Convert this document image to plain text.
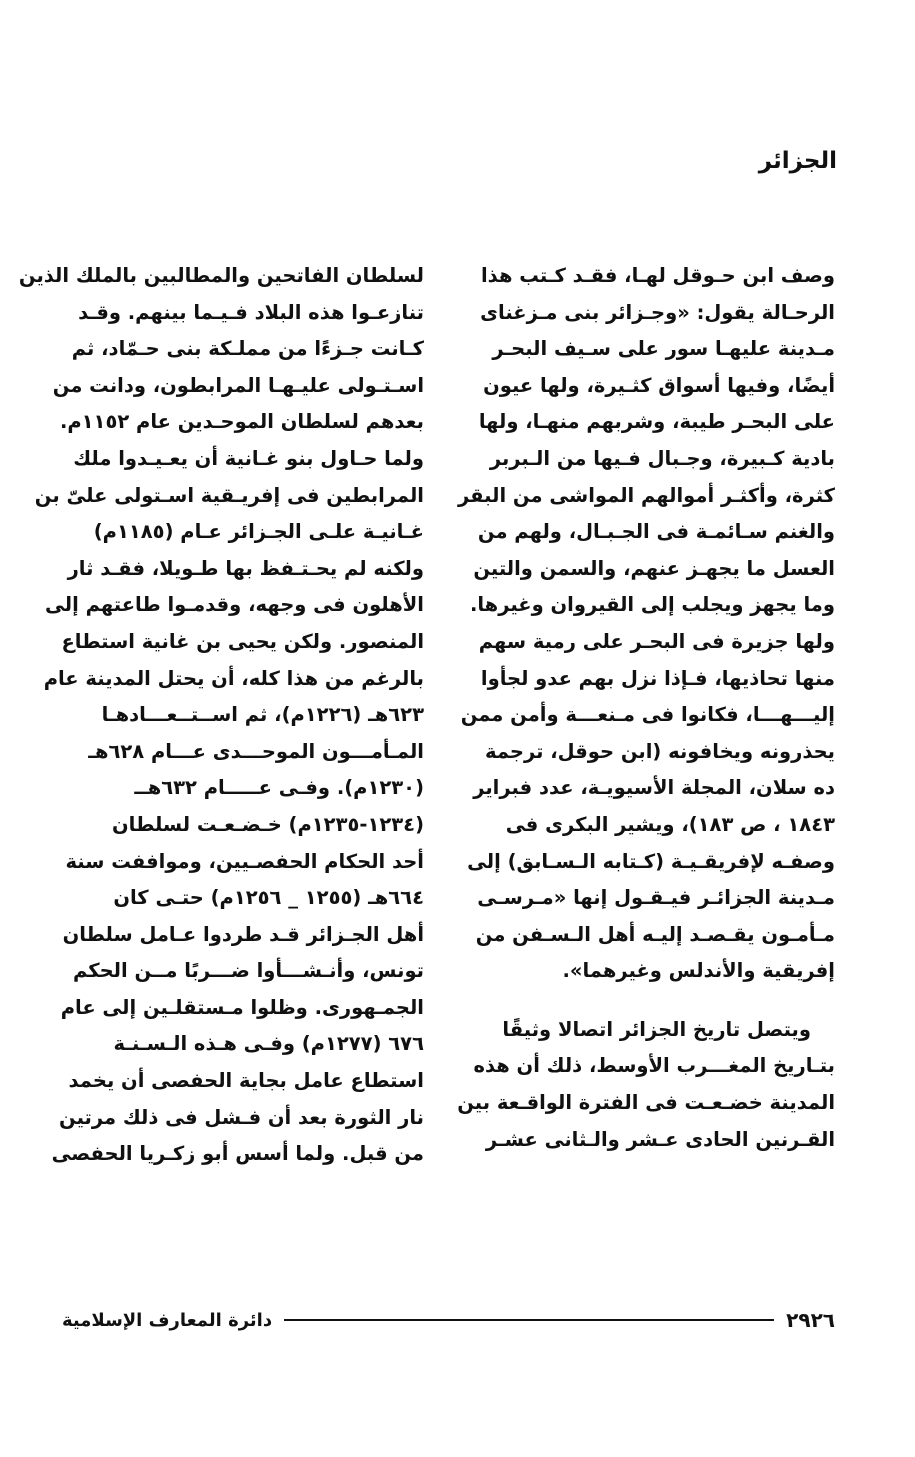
الجزائر
وصف ابن حـوقل لهـا، فقـد كـتب هذا
الرحـالة يقول: «وجـزائر بنى مـزغناى
مـدينة عليهـا سور على سـيف البحـر
أيضًا، وفيها أسواق كثـيرة، ولها عيون
على البحـر طيبة، وشربهم منهـا، ولها
بادية كـبيرة، وجـبال فـيها من الـبربر
كثرة، وأكثـر أموالهم المواشى من البقر
والغنم سـائمـة فى الجـبـال، ولهم من
العسل ما يجهـز عنهم، والسمن والتين
وما يجهز ويجلب إلى القيروان وغيرها.
ولها جزيرة فى البحـر على رمية سهم
منها تحاذيها، فـإذا نزل بهم عدو لجأوا
إليـــهـــا، فكانوا فى مـنعـــة وأمن ممن
يحذرونه ويخافونه (ابن حوقل، ترجمة
ده سلان، المجلة الأسيويـة، عدد فبراير
١٨٤٣ ، ص ١٨٣)، ويشير البكرى فى
وصفـه لإفريقـيـة (كـتابه الـسـابق) إلى
مـدينة الجزائـر فيـقـول إنها «مـرسـى
مـأمـون يقـصـد إليـه أهل الـسـفن من
إفريقية والأندلس وغيرهما».
ويتصل تاريخ الجزائر اتصالا وثيقًا
بتـاريخ المغـــرب الأوسط، ذلك أن هذه
المدينة خضـعـت فى الفترة الواقـعة بين
القـرنين الحادى عـشر والـثانى عشـر
لسلطان الفاتحين والمطالبين بالملك الذين
تنازعـوا هذه البلاد فـيـما بينهم. وقـد
كـانت جـزءًا من مملـكة بنى حـمّاد، ثم
اسـتـولى عليـهـا المرابطون، ودانت من
بعدهم لسلطان الموحـدين عام ١١٥٢م.
ولما حـاول بنو غـانية أن يعـيـدوا ملك
المرابطين فى إفريـقية اسـتولى علىّ بن
غـانيـة علـى الجـزائر عـام (١١٨٥م)
ولكنه لم يحـتـفظ بها طـويلا، فقـد ثار
الأهلون فى وجهه، وقدمـوا طاعتهم إلى
المنصور. ولكن يحيى بن غانية استطاع
بالرغم من هذا كله، أن يحتل المدينة عام
٦٢٣هـ (١٢٢٦م)، ثم اســتــعـــادهـا
المـأمـــون الموحـــدى عـــام ٦٢٨هـ
(١٢٣٠م). وفـى عـــــام ٦٣٢هــ
(١٢٣٤-١٢٣٥م) خـضـعـت لسلطان
أحد الحكام الحفصـيين، ومواففت سنة
٦٦٤هـ (١٢٥٥ _ ١٢٥٦م) حتـى كان
أهل الجـزائر قـد طردوا عـامل سلطان
تونس، وأنـشـــأوا ضـــربًا مــن الحكم
الجمـهورى. وظلوا مـستقلـين إلى عام
٦٧٦ (١٢٧٧م) وفـى هـذه الـسـنـة
استطاع عامل بجاية الحفصى أن يخمد
نار الثورة بعد أن فـشل فى ذلك مرتين
من قبل. ولما أسس أبو زكـريا الحفصى
٢٩٢٦
دائرة المعارف الإسلامية
